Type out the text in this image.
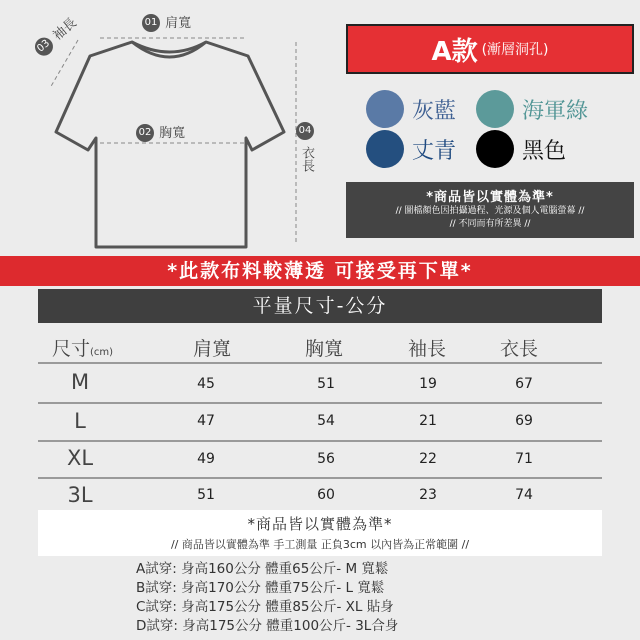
01 肩寬
02 胸寬
03 袖長
04
衣長
A款 (漸層洞孔)
灰藍	海軍綠
丈青	黑色
*商品皆以實體為準*
// 圖檔顏色因拍攝過程、光源及個人電腦螢幕 //
// 不同而有所差異 //
*此款布料較薄透 可接受再下單*
平量尺寸-公分
尺寸(cm)	肩寬	胸寬	袖長	衣長
M	45	51	19	67
L	47	54	21	69
XL	49	56	22	71
3L	51	60	23	74
*商品皆以實體為準*
// 商品皆以實體為準 手工測量 正負3cm 以內皆為正常範圍 //
A試穿: 身高160公分 體重65公斤- M 寬鬆
B試穿: 身高170公分 體重75公斤- L 寬鬆
C試穿: 身高175公分 體重85公斤- XL 貼身
D試穿: 身高175公分 體重100公斤- 3L合身
